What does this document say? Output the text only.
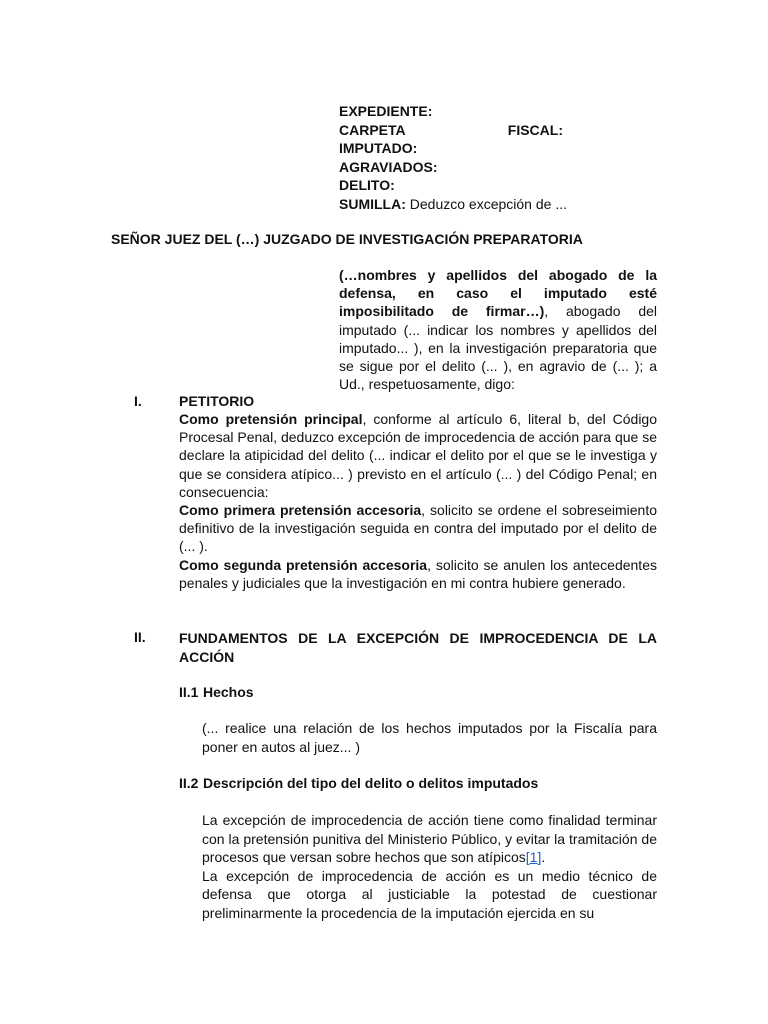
EXPEDIENTE:
CARPETA	FISCAL:
IMPUTADO:
AGRAVIADOS:
DELITO:
SUMILLA: Deduzco excepción de ...
SEÑOR JUEZ DEL (…) JUZGADO DE INVESTIGACIÓN PREPARATORIA
(…nombres y apellidos del abogado de la defensa, en caso el imputado esté imposibilitado de firmar…), abogado del imputado (... indicar los nombres y apellidos del imputado... ), en la investigación preparatoria que se sigue por el delito (... ), en agravio de (... ); a Ud., respetuosamente, digo:
I.	PETITORIO

Como pretensión principal, conforme al artículo 6, literal b, del Código Procesal Penal, deduzco excepción de improcedencia de acción para que se declare la atipicidad del delito (... indicar el delito por el que se le investiga y que se considera atípico... ) previsto en el artículo (... ) del Código Penal; en consecuencia:

Como primera pretensión accesoria, solicito se ordene el sobreseimiento definitivo de la investigación seguida en contra del imputado por el delito de (... ).

Como segunda pretensión accesoria, solicito se anulen los antecedentes penales y judiciales que la investigación en mi contra hubiere generado.

II. FUNDAMENTOS DE LA EXCEPCIÓN DE IMPROCEDENCIA DE LA ACCIÓN
II.1 Hechos
(... realice una relación de los hechos imputados por la Fiscalía para poner en autos al juez... )
II.2 Descripción del tipo del delito o delitos imputados

La excepción de improcedencia de acción tiene como finalidad terminar con la pretensión punitiva del Ministerio Público, y evitar la tramitación de procesos que versan sobre hechos que son atípicos[1].

La excepción de improcedencia de acción es un medio técnico de defensa que otorga al justiciable la potestad de cuestionar preliminarmente la procedencia de la imputación ejercida en su
